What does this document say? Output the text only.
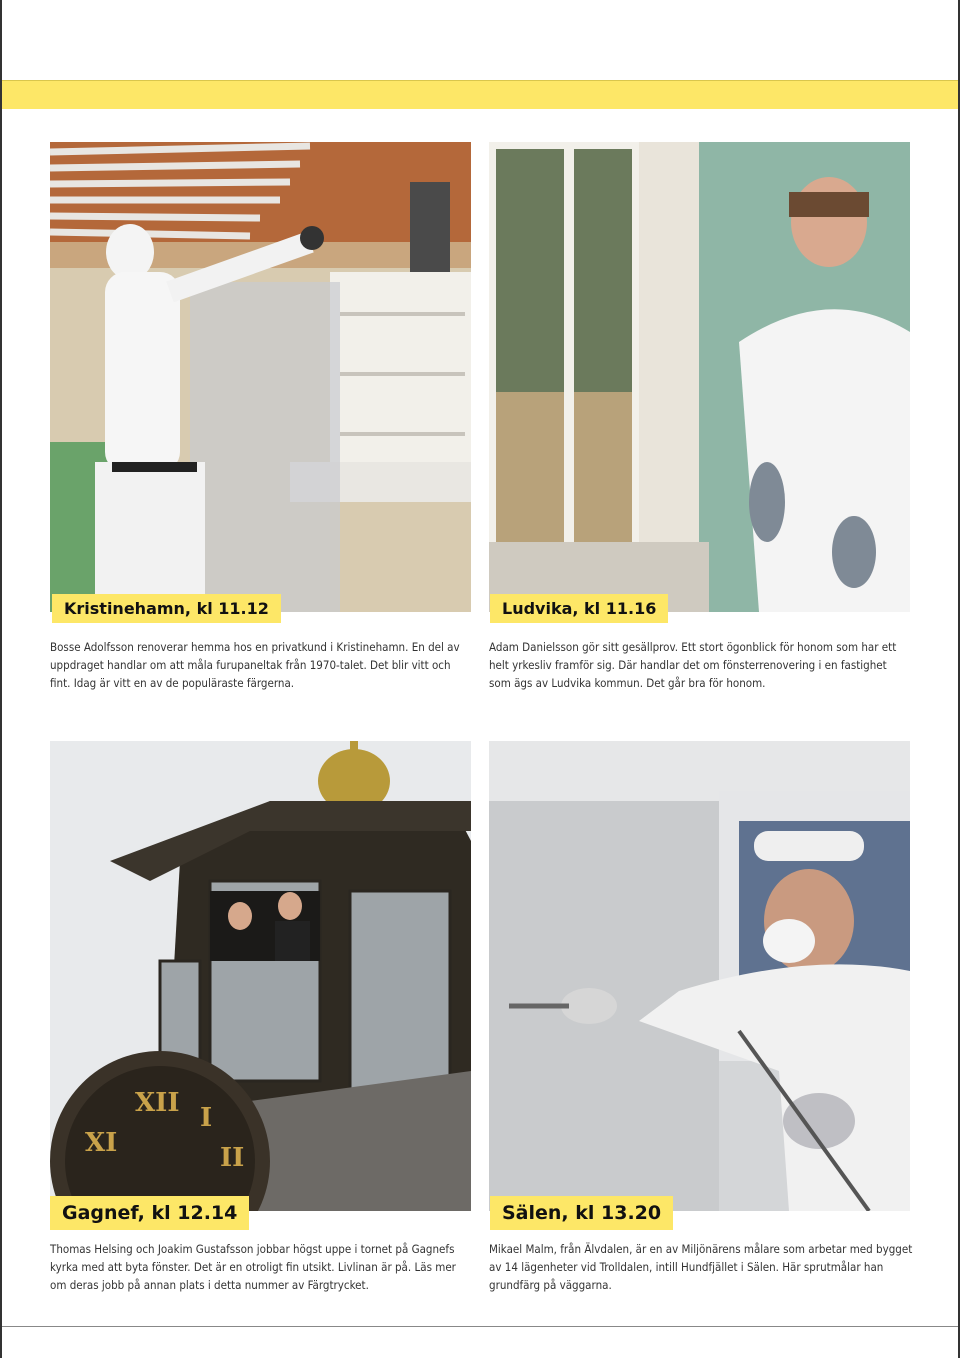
Kristinehamn, kl 11.12

Bosse Adolfsson renoverar hemma hos en privatkund i Kristinehamn. En del av uppdraget handlar om att måla furupaneltak från 1970-talet. Det blir vitt och fint. Idag är vitt en av de populäraste färgerna.

Ludvika, kl 11.16

Adam Danielsson gör sitt gesällprov. Ett stort ögonblick för honom som har ett helt yrkesliv framför sig. Där handlar det om fönsterrenovering i en fastighet som ägs av Ludvika kommun. Det går bra för honom.

XI
XII I
II
Gagnef, kl 12.14

Thomas Helsing och Joakim Gustafsson jobbar högst uppe i tornet på Gagnefs kyrka med att byta fönster. Det är en otroligt fin utsikt. Livlinan är på. Läs mer om deras jobb på annan plats i detta nummer av Färgtrycket.

Sälen, kl 13.20

Mikael Malm, från Älvdalen, är en av Miljönärens målare som arbetar med bygget av 14 lägenheter vid Trolldalen, intill Hundfjället i Sälen. Här sprutmålar han grundfärg på väggarna.
